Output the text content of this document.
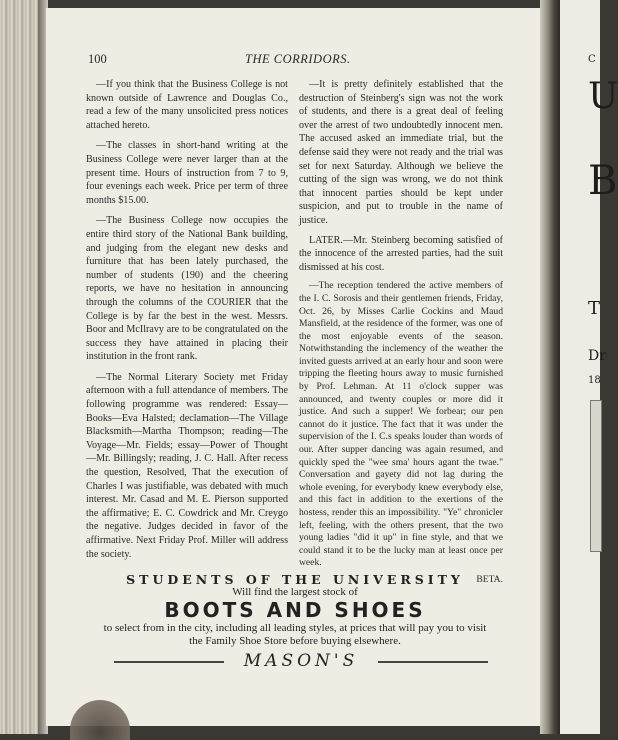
100	THE CORRIDORS.

—If you think that the Business College is not known outside of Lawrence and Douglas Co., read a few of the many unsolicited press notices attached hereto.

—The classes in short-hand writing at the Business College were never larger than at the present time. Hours of instruction from 7 to 9, four evenings each week. Price per term of three months $15.00.

—The Business College now occupies the entire third story of the National Bank building, and judging from the elegant new desks and furniture that has been lately purchased, the number of students (190) and the cheering reports, we have no hesitation in announcing through the columns of the COURIER that the College is by far the best in the west. Messrs. Boor and McIlravy are to be congratulated on the success they have attained in placing their institution in the front rank.

—The Normal Literary Society met Friday afternoon with a full attendance of members. The following programme was rendered: Essay—Books—Eva Halsted; declamation—The Village Blacksmith—Martha Thompson; reading—The Voyage—Mr. Fields; essay—Power of Thought—Mr. Billingsly; reading, J. C. Hall. After recess the question, Resolved, That the execution of Charles I was justifiable, was debated with much interest. Mr. Casad and M. E. Pierson supported the affirmative; E. C. Cowdrick and Mr. Creygo the negative. Judges decided in favor of the affirmative. Next Friday Prof. Miller will address the society.

—It is pretty definitely established that the destruction of Steinberg's sign was not the work of students, and there is a great deal of feeling over the arrest of two undoubtedly innocent men. The accused asked an immediate trial, but the defense said they were not ready and the trial was set for next Saturday. Although we believe the cutting of the sign was wrong, we do not think that innocent parties should be kept under suspicion, and put to trouble in the name of justice.

LATER.—Mr. Steinberg becoming satisfied of the innocence of the arrested parties, had the suit dismissed at his cost.

—The reception tendered the active members of the I. C. Sorosis and their gentlemen friends, Friday, Oct. 26, by Misses Carlie Cockins and Maud Mansfield, at the residence of the former, was one of the most enjoyable events of the season. Notwithstanding the inclemency of the weather the invited guests arrived at an early hour and soon were tripping the fleeting hours away to music furnished by Prof. Lehman. At 11 o'clock supper was announced, and twenty couples or more did it justice. And such a supper! We forbear; our pen cannot do it justice. The fact that it was under the supervision of the I. C.s speaks louder than words of our. After supper dancing was again resumed, and quickly sped the "wee sma' hours agant the twae." Conversation and gayety did not lag during the whole evening, for everybody knew everybody else, and this fact in addition to the exertions of the hostess, render this an impossibility. "Ye" chronicler left, feeling, with the others present, that the two young ladies "did it up" in fine style, and that we could stand it to be the lucky man at least once per week.

BETA.
STUDENTS OF THE UNIVERSITY
Will find the largest stock of
BOOTS AND SHOES
to select from in the city, including all leading styles, at prices that will pay you to visit
the Family Shoe Store before buying elsewhere.
MASON'S
C
U
B
T
Dr
18
